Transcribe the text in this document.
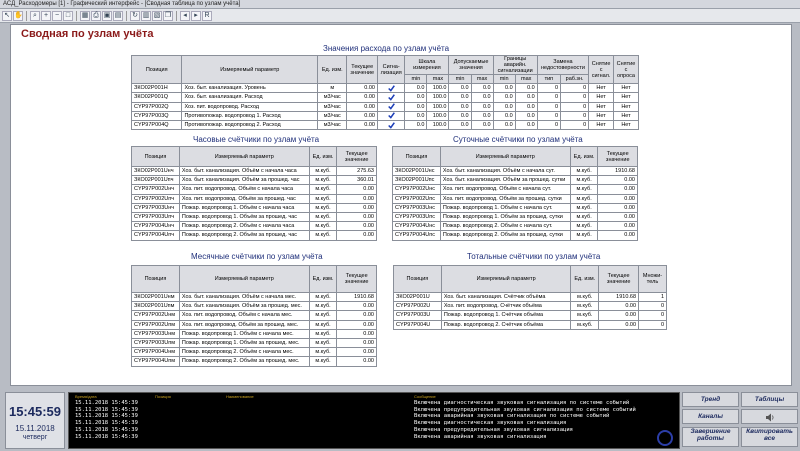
АСД_Расходомеры [1] - Графический интерфейс - [Сводная таблица по узлам учёта]
↖ ✋	⌕	+ − □	▦ ⎙ ▣ ▤ ↻ ▥ ▧ ❐	◂	▸ R
Сводная по узлам учёта
Значения расхода по узлам учёта
Позиция	Измеряемый параметр	Ед. изм.	Текущее значение	Сигна-лизация	Шкала измерения		Допускаемые значения		Границы аварийн. сигнализации		Замена недостоверности		Снятие с сигнал.	Снятие с опроса
					min	max	min	max	min	max	тип	раб.зн.		
ЗКО02Р001Н	Хоз. быт. канализация. Уровень	м	0.00		0.0	100.0	0.0	0.0	0.0	0.0	0	0	Нет	Нет
ЗКО02Р001Q	Хоз. быт. канализация. Расход	м3/час	0.00		0.0	100.0	0.0	0.0	0.0	0.0	0	0	Нет	Нет
CYP97P002Q	Хоз. пит. водопровод. Расход	м3/час	0.00		0.0	100.0	0.0	0.0	0.0	0.0	0	0	Нет	Нет
CYP97P003Q	Противопожар. водопровод 1. Расход	м3/час	0.00		0.0	100.0	0.0	0.0	0.0	0.0	0	0	Нет	Нет
CYP97P004Q	Противопожар. водопровод 2. Расход	м3/час	0.00		0.0	100.0	0.0	0.0	0.0	0.0	0	0	Нет	Нет
Часовые счётчики по узлам учёта
Позиция	Измеряемый параметр	Ед. изм.	Текущее значение
ЗКО02Р001Uнч	Хоз. быт. канализация. Объём с начала часа	м.куб.	275.63
ЗКО02Р001Uпч	Хоз. быт. канализация. Объём за прошед. час	м.куб.	360.01
CYP97P002Uнч	Хоз. пит. водопровод. Объём с начала часа	м.куб.	0.00
CYP97P002Uпч	Хоз. пит. водопровод. Объём за прошед. час	м.куб.	0.00
CYP97P003Uнч	Пожар. водопровод 1. Объём с начала часа	м.куб.	0.00
CYP97P003Uпч	Пожар. водопровод 1. Объём за прошед. час	м.куб.	0.00
CYP97P004Uнч	Пожар. водопровод 2. Объём с начала часа	м.куб.	0.00
CYP97P004Uпч	Пожар. водопровод 2. Объём за прошед. час	м.куб.	0.00
Суточные счётчики по узлам учёта
Позиция	Измеряемый параметр	Ед. изм.	Текущее значение
ЗКО02Р001Uнс	Хоз. быт. канализация. Объём с начала сут.	м.куб.	1910.68
ЗКО02Р001Uпс	Хоз. быт. канализация. Объём за прошед. сутки	м.куб.	0.00
CYP97P002Uнс	Хоз. пит. водопровод. Объём с начала сут.	м.куб.	0.00
CYP97P002Uпс	Хоз. пит. водопровод. Объём за прошед. сутки	м.куб.	0.00
CYP97P003Uнс	Пожар. водопровод 1. Объём с начала сут.	м.куб.	0.00
CYP97P003Uпс	Пожар. водопровод 1. Объём за прошед. сутки	м.куб.	0.00
CYP97P004Uнс	Пожар. водопровод 2. Объём с начала сут.	м.куб.	0.00
CYP97P004Uпс	Пожар. водопровод 2. Объём за прошед. сутки	м.куб.	0.00
Месячные счётчики по узлам учёта
Позиция	Измеряемый параметр	Ед. изм.	Текущее значение
ЗКО02Р001Uнм	Хоз. быт. канализация. Объём с начала мес.	м.куб.	1910.68
ЗКО02Р001Uпм	Хоз. быт. канализация. Объём за прошед. мес.	м.куб.	0.00
CYP97P002Uнм	Хоз. пит. водопровод. Объём с начала мес.	м.куб.	0.00
CYP97P002Uпм	Хоз. пит. водопровод. Объём за прошед. мес.	м.куб.	0.00
CYP97P003Uнм	Пожар. водопровод 1. Объём с начала мес.	м.куб.	0.00
CYP97P003Uпм	Пожар. водопровод 1. Объём за прошед. мес.	м.куб.	0.00
CYP97P004Uнм	Пожар. водопровод 2. Объём с начала мес.	м.куб.	0.00
CYP97P004Uпм	Пожар. водопровод 2. Объём за прошед. мес.	м.куб.	0.00
Тотальные счётчики по узлам учёта
Позиция	Измеряемый параметр	Ед. изм.	Текущее значение	Множи-тель
ЗКО02Р001U	Хоз. быт. канализация. Счётчик объёма	м.куб.	1910.68	1
CYP97P002U	Хоз. пит. водопровод. Счётчик объёма	м.куб.	0.00	0
CYP97P003U	Пожар. водопровод 1. Счётчик объёма	м.куб.	0.00	0
CYP97P004U	Пожар. водопровод 2. Счётчик объёма	м.куб.	0.00	0
15:45:59
15.11.2018
четверг
Время/дата	Позиция	Наименование	Сообщение
15.11.2018 15:45:39	Включена диагностическая звуковая сигнализация по системе событий
15.11.2018 15:45:39	Включена предупредительная звуковая сигнализация по системе событий
15.11.2018 15:45:39	Включена аварийная звуковая сигнализация по системе событий
15.11.2018 15:45:39	Включена диагностическая звуковая сигнализация
15.11.2018 15:45:39	Включена предупредительная звуковая сигнализация
15.11.2018 15:45:39	Включена аварийная звуковая сигнализация
Тренд	Таблицы
Каналы
Завершение
работы
Квитировать
все
